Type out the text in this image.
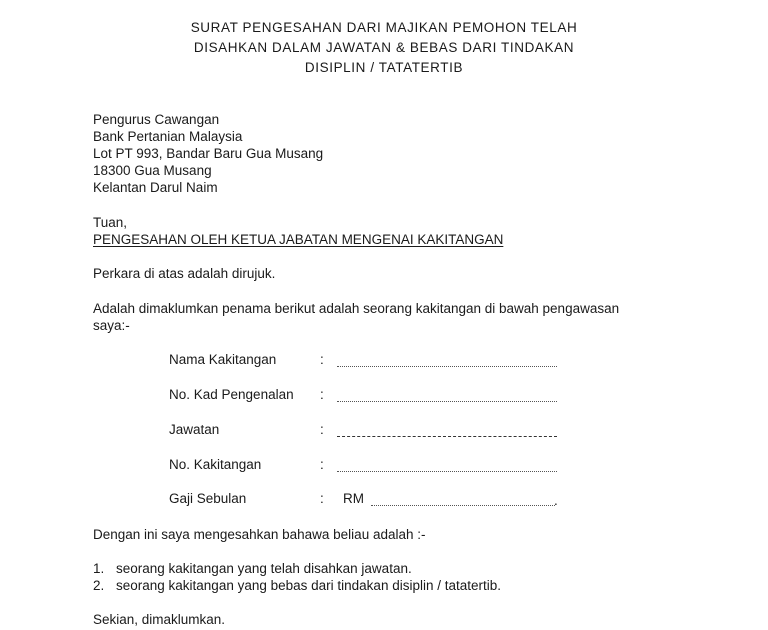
SURAT PENGESAHAN DARI MAJIKAN PEMOHON TELAH
DISAHKAN DALAM JAWATAN & BEBAS DARI TINDAKAN
DISIPLIN / TATATERTIB
Pengurus Cawangan
Bank Pertanian Malaysia
Lot PT 993, Bandar Baru Gua Musang
18300 Gua Musang
Kelantan Darul Naim
Tuan,
PENGESAHAN OLEH KETUA JABATAN MENGENAI KAKITANGAN
Perkara di atas adalah dirujuk.
Adalah dimaklumkan penama berikut adalah seorang kakitangan di bawah pengawasan
saya:-
Nama Kakitangan	:
No. Kad Pengenalan :
Jawatan	:
No. Kakitangan	:
Gaji Sebulan	: RM	.
Dengan ini saya mengesahkan bahawa beliau adalah :-
1. seorang kakitangan yang telah disahkan jawatan.
2. seorang kakitangan yang bebas dari tindakan disiplin / tatatertib.
Sekian, dimaklumkan.
